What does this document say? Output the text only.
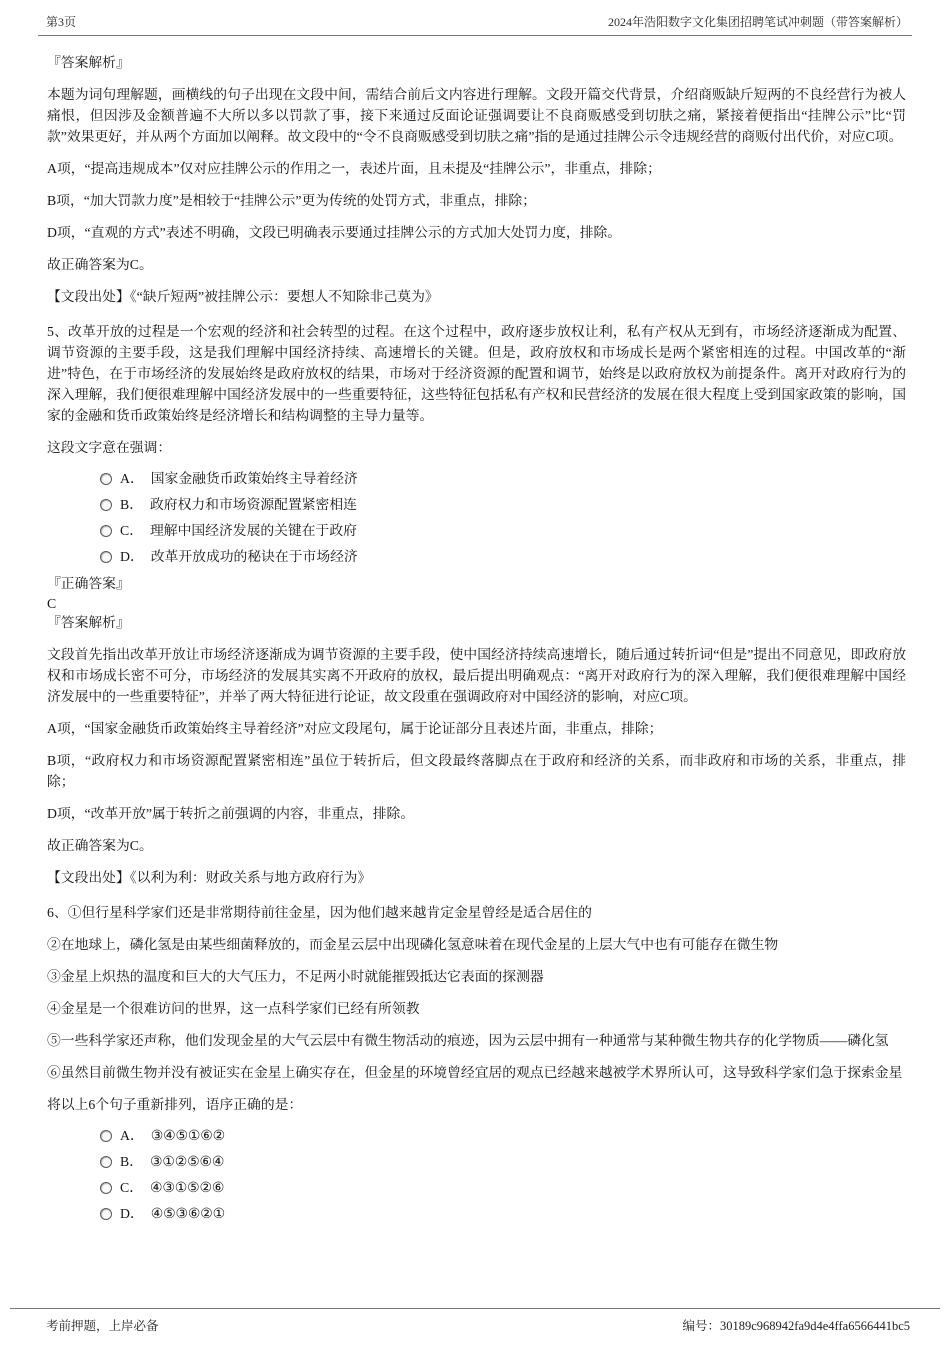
第3页	2024年浩阳数字文化集团招聘笔试冲刺题（带答案解析）

『答案解析』

本题为词句理解题，画横线的句子出现在文段中间，需结合前后文内容进行理解。文段开篇交代背景，介绍商贩缺斤短两的不良经营行为被人痛恨，但因涉及金额普遍不大所以多以罚款了事，接下来通过反面论证强调要让不良商贩感受到切肤之痛，紧接着便指出“挂牌公示”比“罚款”效果更好，并从两个方面加以阐释。故文段中的“令不良商贩感受到切肤之痛”指的是通过挂牌公示令违规经营的商贩付出代价，对应C项。

A项，“提高违规成本”仅对应挂牌公示的作用之一，表述片面，且未提及“挂牌公示”，非重点，排除；

B项，“加大罚款力度”是相较于“挂牌公示”更为传统的处罚方式，非重点，排除；

D项，“直观的方式”表述不明确，文段已明确表示要通过挂牌公示的方式加大处罚力度，排除。

故正确答案为C。

【文段出处】《“缺斤短两”被挂牌公示：要想人不知除非己莫为》

5、改革开放的过程是一个宏观的经济和社会转型的过程。在这个过程中，政府逐步放权让利，私有产权从无到有，市场经济逐渐成为配置、调节资源的主要手段，这是我们理解中国经济持续、高速增长的关键。但是，政府放权和市场成长是两个紧密相连的过程。中国改革的“渐进”特色，在于市场经济的发展始终是政府放权的结果，市场对于经济资源的配置和调节，始终是以政府放权为前提条件。离开对政府行为的深入理解，我们便很难理解中国经济发展中的一些重要特征，这些特征包括私有产权和民营经济的发展在很大程度上受到国家政策的影响，国家的金融和货币政策始终是经济增长和结构调整的主导力量等。

这段文字意在强调：

A． 国家金融货币政策始终主导着经济
B． 政府权力和市场资源配置紧密相连
C． 理解中国经济发展的关键在于政府
D． 改革开放成功的秘诀在于市场经济

『正确答案』

C

『答案解析』

文段首先指出改革开放让市场经济逐渐成为调节资源的主要手段，使中国经济持续高速增长，随后通过转折词“但是”提出不同意见，即政府放权和市场成长密不可分，市场经济的发展其实离不开政府的放权，最后提出明确观点：“离开对政府行为的深入理解，我们便很难理解中国经济发展中的一些重要特征”，并举了两大特征进行论证，故文段重在强调政府对中国经济的影响，对应C项。

A项，“国家金融货币政策始终主导着经济”对应文段尾句，属于论证部分且表述片面，非重点，排除；

B项，“政府权力和市场资源配置紧密相连”虽位于转折后，但文段最终落脚点在于政府和经济的关系，而非政府和市场的关系，非重点，排除；

D项，“改革开放”属于转折之前强调的内容，非重点，排除。

故正确答案为C。

【文段出处】《以利为利：财政关系与地方政府行为》

6、①但行星科学家们还是非常期待前往金星，因为他们越来越肯定金星曾经是适合居住的

②在地球上，磷化氢是由某些细菌释放的，而金星云层中出现磷化氢意味着在现代金星的上层大气中也有可能存在微生物

③金星上炽热的温度和巨大的大气压力，不足两小时就能摧毁抵达它表面的探测器

④金星是一个很难访问的世界，这一点科学家们已经有所领教

⑤一些科学家还声称，他们发现金星的大气云层中有微生物活动的痕迹，因为云层中拥有一种通常与某种微生物共存的化学物质——磷化氢

⑥虽然目前微生物并没有被证实在金星上确实存在，但金星的环境曾经宜居的观点已经越来越被学术界所认可，这导致科学家们急于探索金星

将以上6个句子重新排列，语序正确的是：

A． ③④⑤①⑥②
B． ③①②⑤⑥④
C． ④③①⑤②⑥
D． ④⑤③⑥②①
考前押题，上岸必备	编号：30189c968942fa9d4e4ffa6566441bc5
